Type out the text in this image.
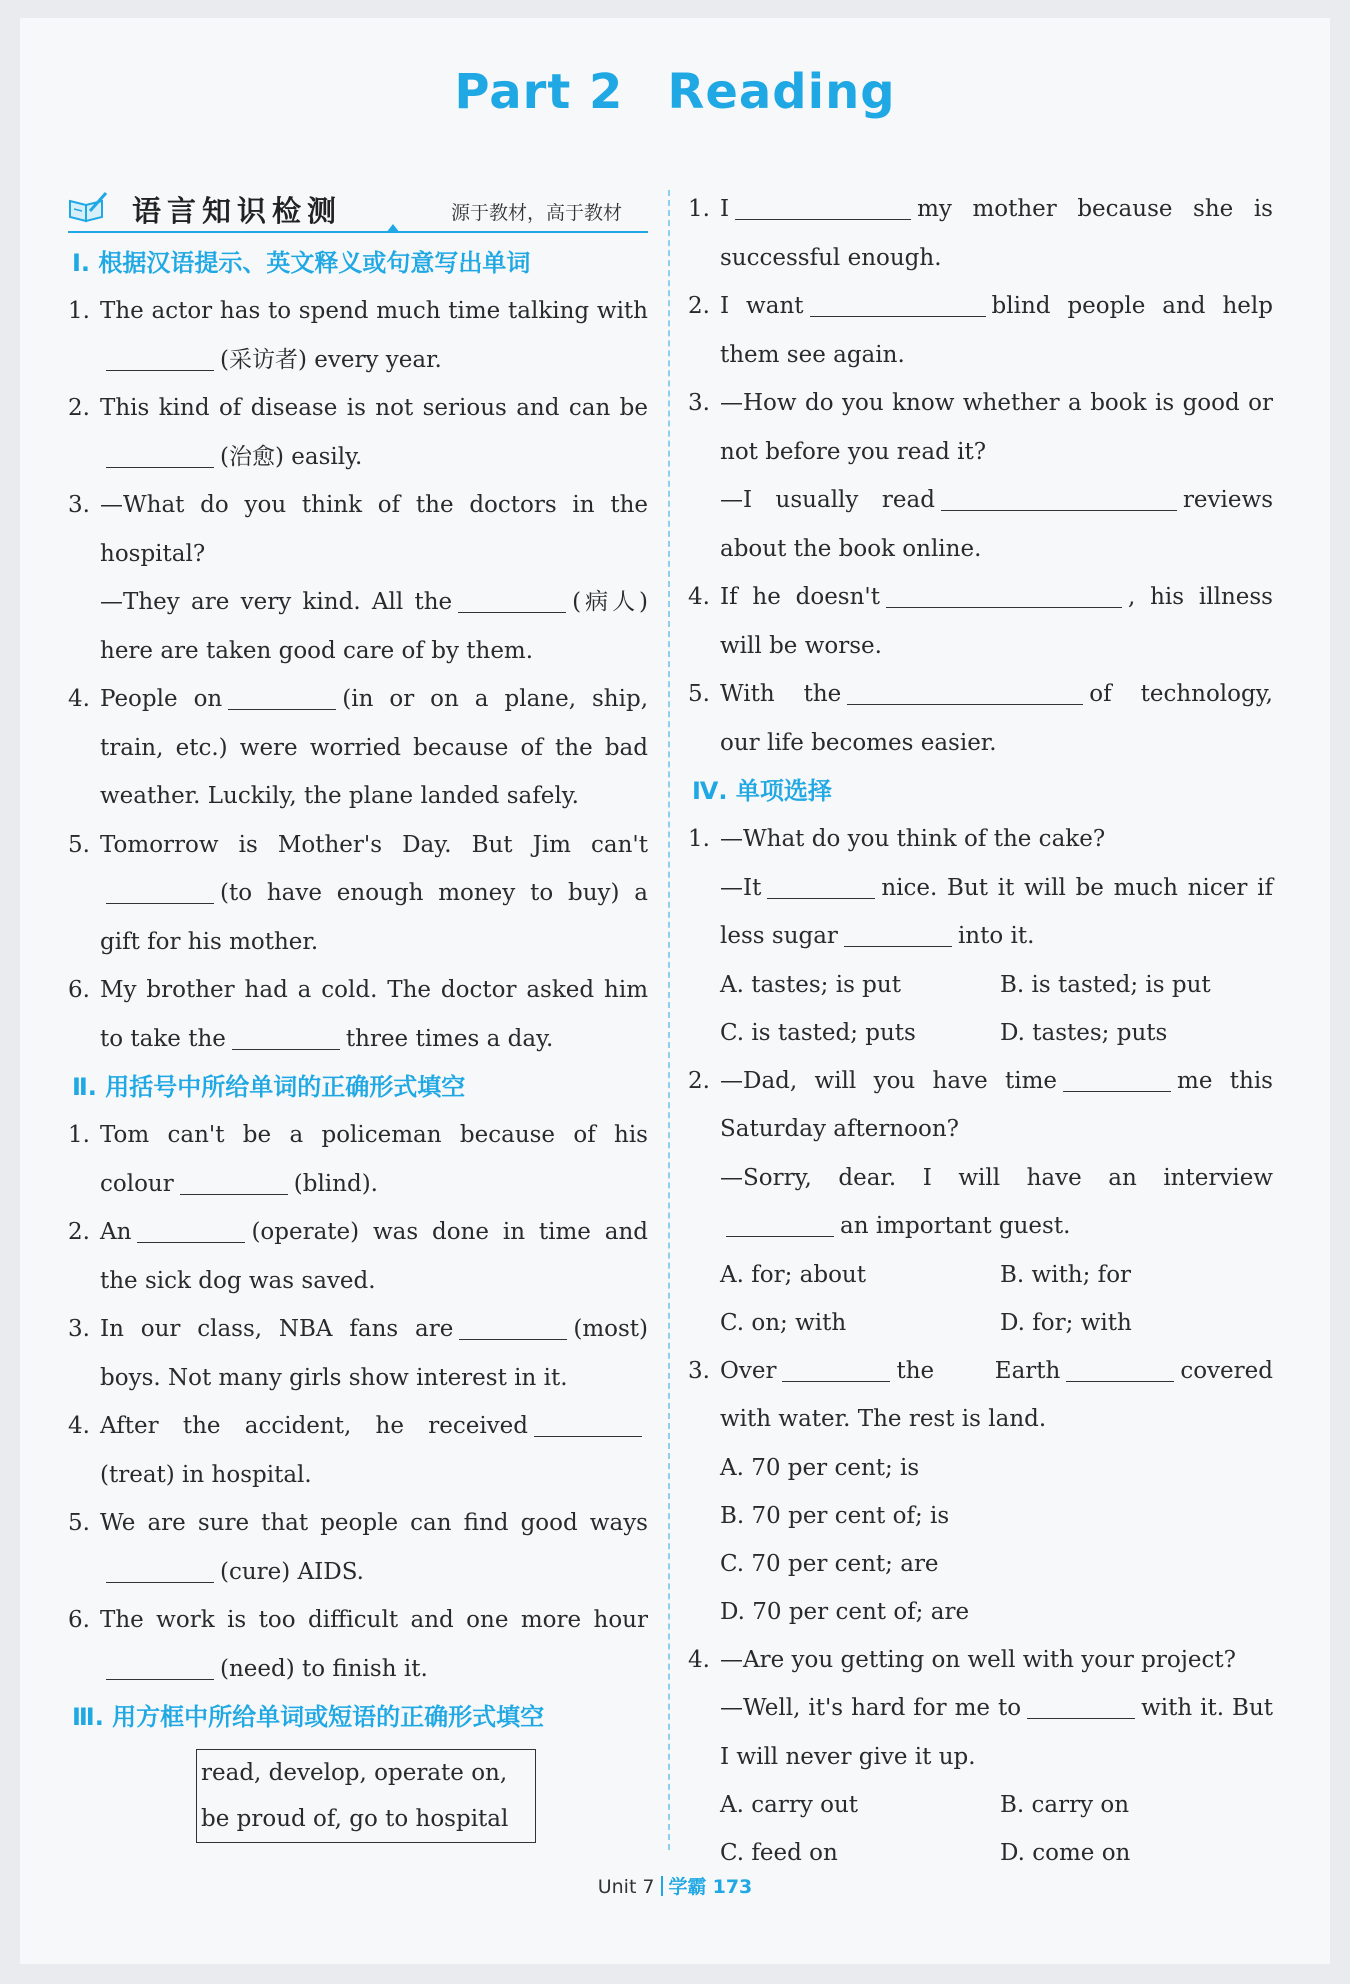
Part 2 Reading
语言知识检测	源于教材，高于教材
Ⅰ. 根据汉语提示、英文释义或句意写出单词
1. The actor has to spend much time talking with(采访者) every year.
2. This kind of disease is not serious and can be (治愈) easily.
3. —What do you think of the doctors in the hospital?
—They are very kind. All the	(病人) here are taken good care of by them.
4. People on	(in or on a plane, ship, train, etc.) were worried because of the bad weather. Luckily, the plane landed safely.
5. Tomorrow is Mother's Day. But Jim can't (to have enough money to buy) a gift for his mother.
6. My brother had a cold. The doctor asked him to take the	three times a day.
Ⅱ. 用括号中所给单词的正确形式填空
1. Tom can't be a policeman because of his colour	(blind).
2. An	(operate) was done in time and the sick dog was saved.
3. In our class, NBA fans are	(most) boys. Not many girls show interest in it.
4. After the accident, he received(treat) in hospital.
5. We are sure that people can find good ways (cure) AIDS.
6. The work is too difficult and one more hour (need) to finish it.
Ⅲ. 用方框中所给单词或短语的正确形式填空
read, develop, operate on,
be proud of, go to hospital
1. I	my mother because she is successful enough.
2. I want	blind people and help them see again.
3. —How do you know whether a book is good or not before you read it?
—I usually read	reviews about the book online.
4. If he doesn't	, his illness will be worse.
5. With the	of technology, our life becomes easier.
Ⅳ. 单项选择
1. —What do you think of the cake?
—It	nice. But it will be much nicer if less sugar	into it.
A. tastes; is put	B. is tasted; is put
C. is tasted; puts	D. tastes; puts
2. —Dad, will you have time	me this Saturday afternoon?
—Sorry, dear. I will have an interviewan important guest.
A. for; about	B. with; for
C. on; with	D. for; with
3. Over	the Earth	covered with water. The rest is land.
A. 70 per cent; is
B. 70 per cent of; is
C. 70 per cent; are
D. 70 per cent of; are
4. —Are you getting on well with your project?
—Well, it's hard for me to	with it. But I will never give it up.
A. carry out	B. carry on
C. feed on	D. come on
Unit 7 学霸 173
